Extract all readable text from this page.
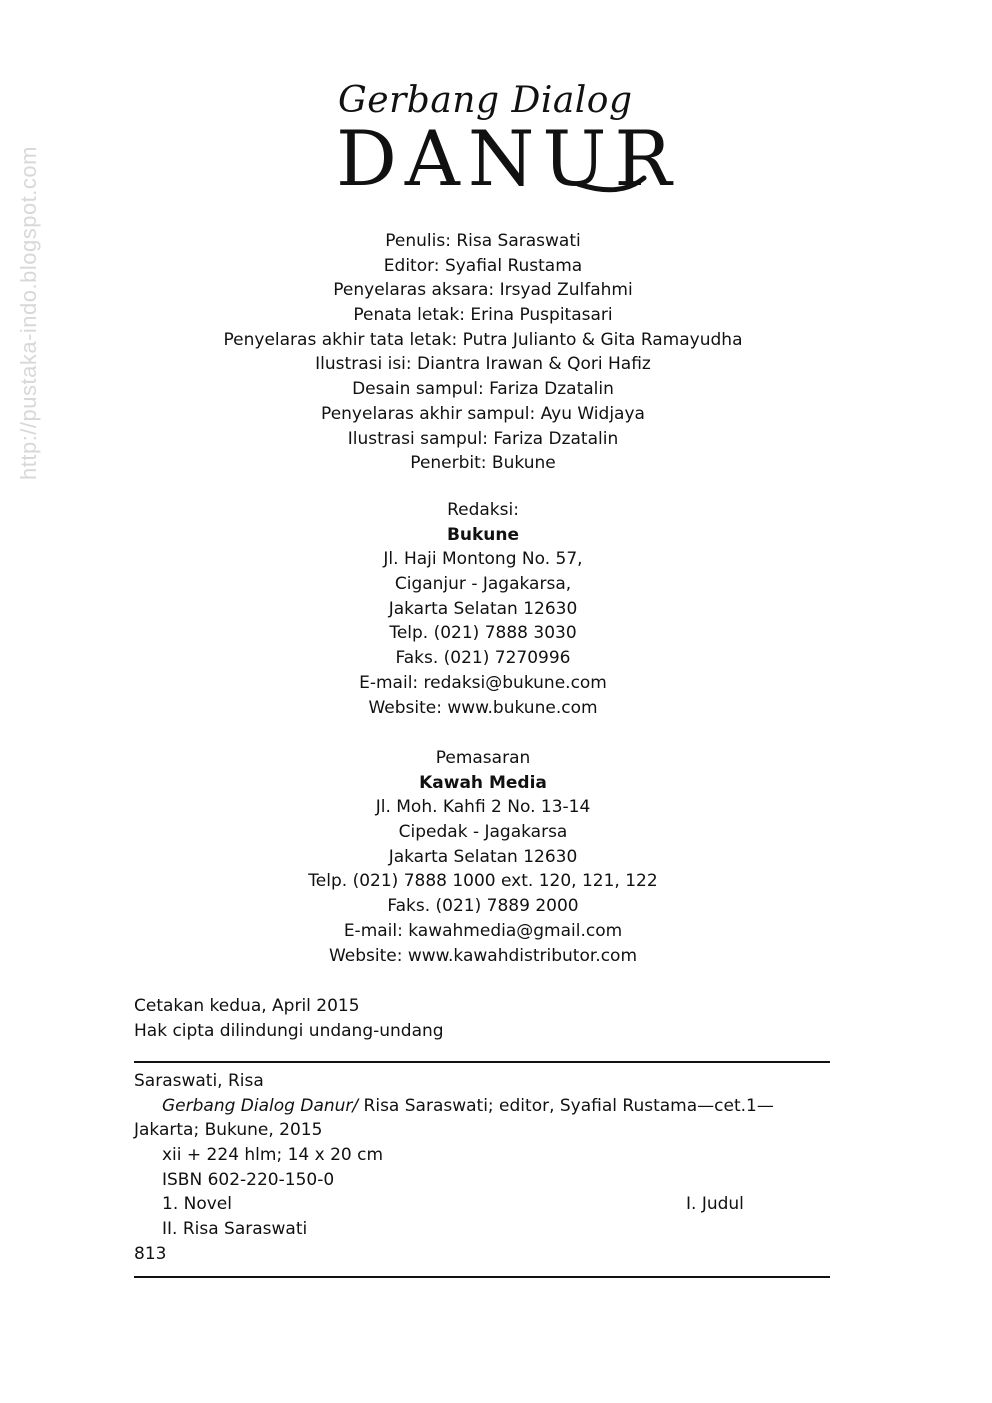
http://pustaka-indo.blogspot.com
Gerbang Dialog
DANUR
Penulis: Risa Saraswati
Editor: Syafial Rustama
Penyelaras aksara: Irsyad Zulfahmi
Penata letak: Erina Puspitasari
Penyelaras akhir tata letak: Putra Julianto & Gita Ramayudha
Ilustrasi isi: Diantra Irawan & Qori Hafiz
Desain sampul: Fariza Dzatalin
Penyelaras akhir sampul: Ayu Widjaya
Ilustrasi sampul: Fariza Dzatalin
Penerbit: Bukune
Redaksi:
Bukune
Jl. Haji Montong No. 57,
Ciganjur - Jagakarsa,
Jakarta Selatan 12630
Telp. (021) 7888 3030
Faks. (021) 7270996
E-mail: redaksi@bukune.com
Website: www.bukune.com
Pemasaran
Kawah Media
Jl. Moh. Kahfi 2 No. 13-14
Cipedak - Jagakarsa
Jakarta Selatan 12630
Telp. (021) 7888 1000 ext. 120, 121, 122
Faks. (021) 7889 2000
E-mail: kawahmedia@gmail.com
Website: www.kawahdistributor.com
Cetakan kedua, April 2015
Hak cipta dilindungi undang-undang
Saraswati, Risa
Gerbang Dialog Danur/ Risa Saraswati; editor, Syafial Rustama—cet.1—
Jakarta; Bukune, 2015
xii + 224 hlm; 14 x 20 cm
ISBN 602-220-150-0
1. Novel	I. Judul
II. Risa Saraswati
813
